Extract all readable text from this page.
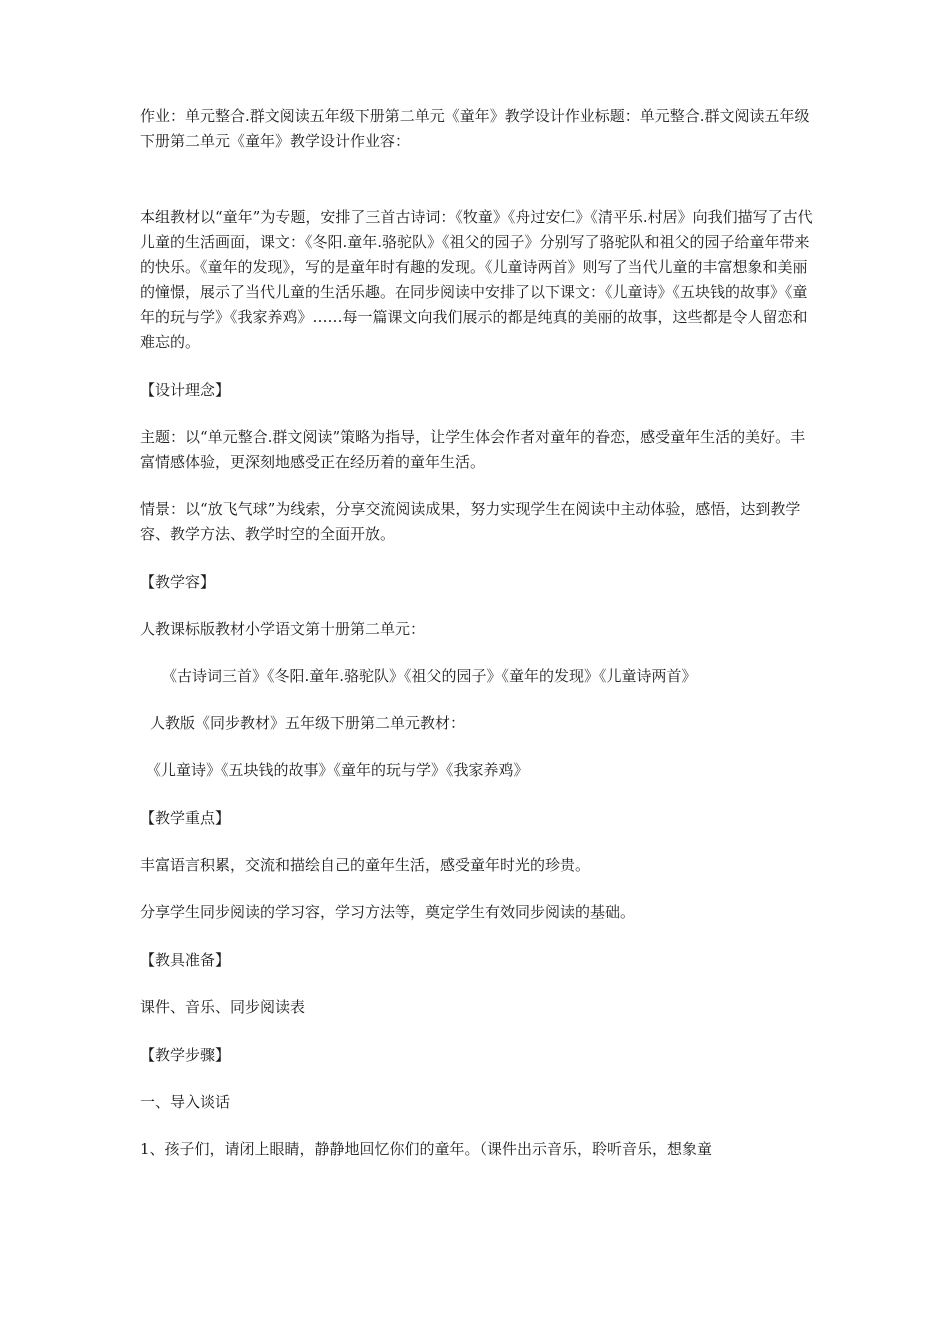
作业：单元整合.群文阅读五年级下册第二单元《童年》教学设计作业标题：单元整合.群文阅读五年级下册第二单元《童年》教学设计作业容：

本组教材以“童年”为专题，安排了三首古诗词：《牧童》《舟过安仁》《清平乐.村居》向我们描写了古代儿童的生活画面，课文：《冬阳.童年.骆驼队》《祖父的园子》分别写了骆驼队和祖父的园子给童年带来的快乐。《童年的发现》，写的是童年时有趣的发现。《儿童诗两首》则写了当代儿童的丰富想象和美丽的憧憬，展示了当代儿童的生活乐趣。在同步阅读中安排了以下课文：《儿童诗》《五块钱的故事》《童年的玩与学》《我家养鸡》……每一篇课文向我们展示的都是纯真的美丽的故事，这些都是令人留恋和难忘的。

【设计理念】

主题：以“单元整合.群文阅读”策略为指导，让学生体会作者对童年的眷恋，感受童年生活的美好。丰富情感体验，更深刻地感受正在经历着的童年生活。

情景：以“放飞气球”为线索，分享交流阅读成果，努力实现学生在阅读中主动体验，感悟，达到教学容、教学方法、教学时空的全面开放。

【教学容】

人教课标版教材小学语文第十册第二单元：

《古诗词三首》《冬阳.童年.骆驼队》《祖父的园子》《童年的发现》《儿童诗两首》

人教版《同步教材》五年级下册第二单元教材：

《儿童诗》《五块钱的故事》《童年的玩与学》《我家养鸡》

【教学重点】

丰富语言积累，交流和描绘自己的童年生活，感受童年时光的珍贵。

分享学生同步阅读的学习容，学习方法等，奠定学生有效同步阅读的基础。

【教具准备】

课件、音乐、同步阅读表

【教学步骤】

一、导入谈话

1、孩子们，请闭上眼睛，静静地回忆你们的童年。（课件出示音乐，聆听音乐，想象童
